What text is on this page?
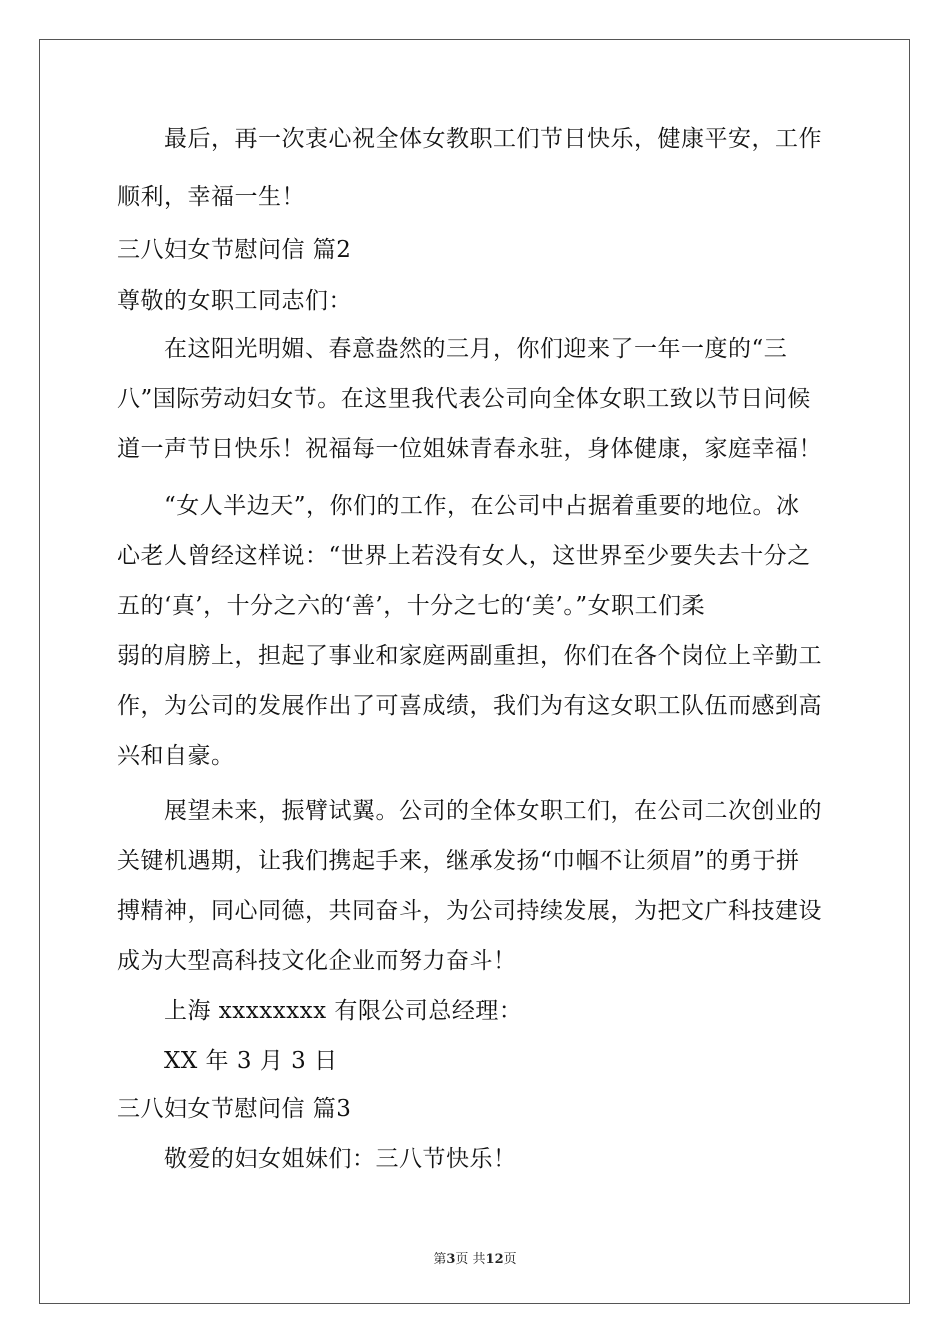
最后，再一次衷心祝全体女教职工们节日快乐，健康平安，工作
顺利，幸福一生！
三八妇女节慰问信 篇2
尊敬的女职工同志们：
在这阳光明媚、春意盎然的三月，你们迎来了一年一度的“三
八”国际劳动妇女节。在这里我代表公司向全体女职工致以节日问候
道一声节日快乐！祝福每一位姐妹青春永驻，身体健康，家庭幸福！
“女人半边天”，你们的工作，在公司中占据着重要的地位。冰
心老人曾经这样说：“世界上若没有女人，这世界至少要失去十分之
五的‘真’，十分之六的‘善’，十分之七的‘美’。”女职工们柔
弱的肩膀上，担起了事业和家庭两副重担，你们在各个岗位上辛勤工
作，为公司的发展作出了可喜成绩，我们为有这女职工队伍而感到高
兴和自豪。
展望未来，振臂试翼。公司的全体女职工们，在公司二次创业的
关键机遇期，让我们携起手来，继承发扬“巾帼不让须眉”的勇于拼
搏精神，同心同德，共同奋斗，为公司持续发展，为把文广科技建设
成为大型高科技文化企业而努力奋斗！
上海 xxxxxxxx 有限公司总经理：
XX 年 3 月 3 日
三八妇女节慰问信 篇3
敬爱的妇女姐妹们：三八节快乐！
第3页 共12页
